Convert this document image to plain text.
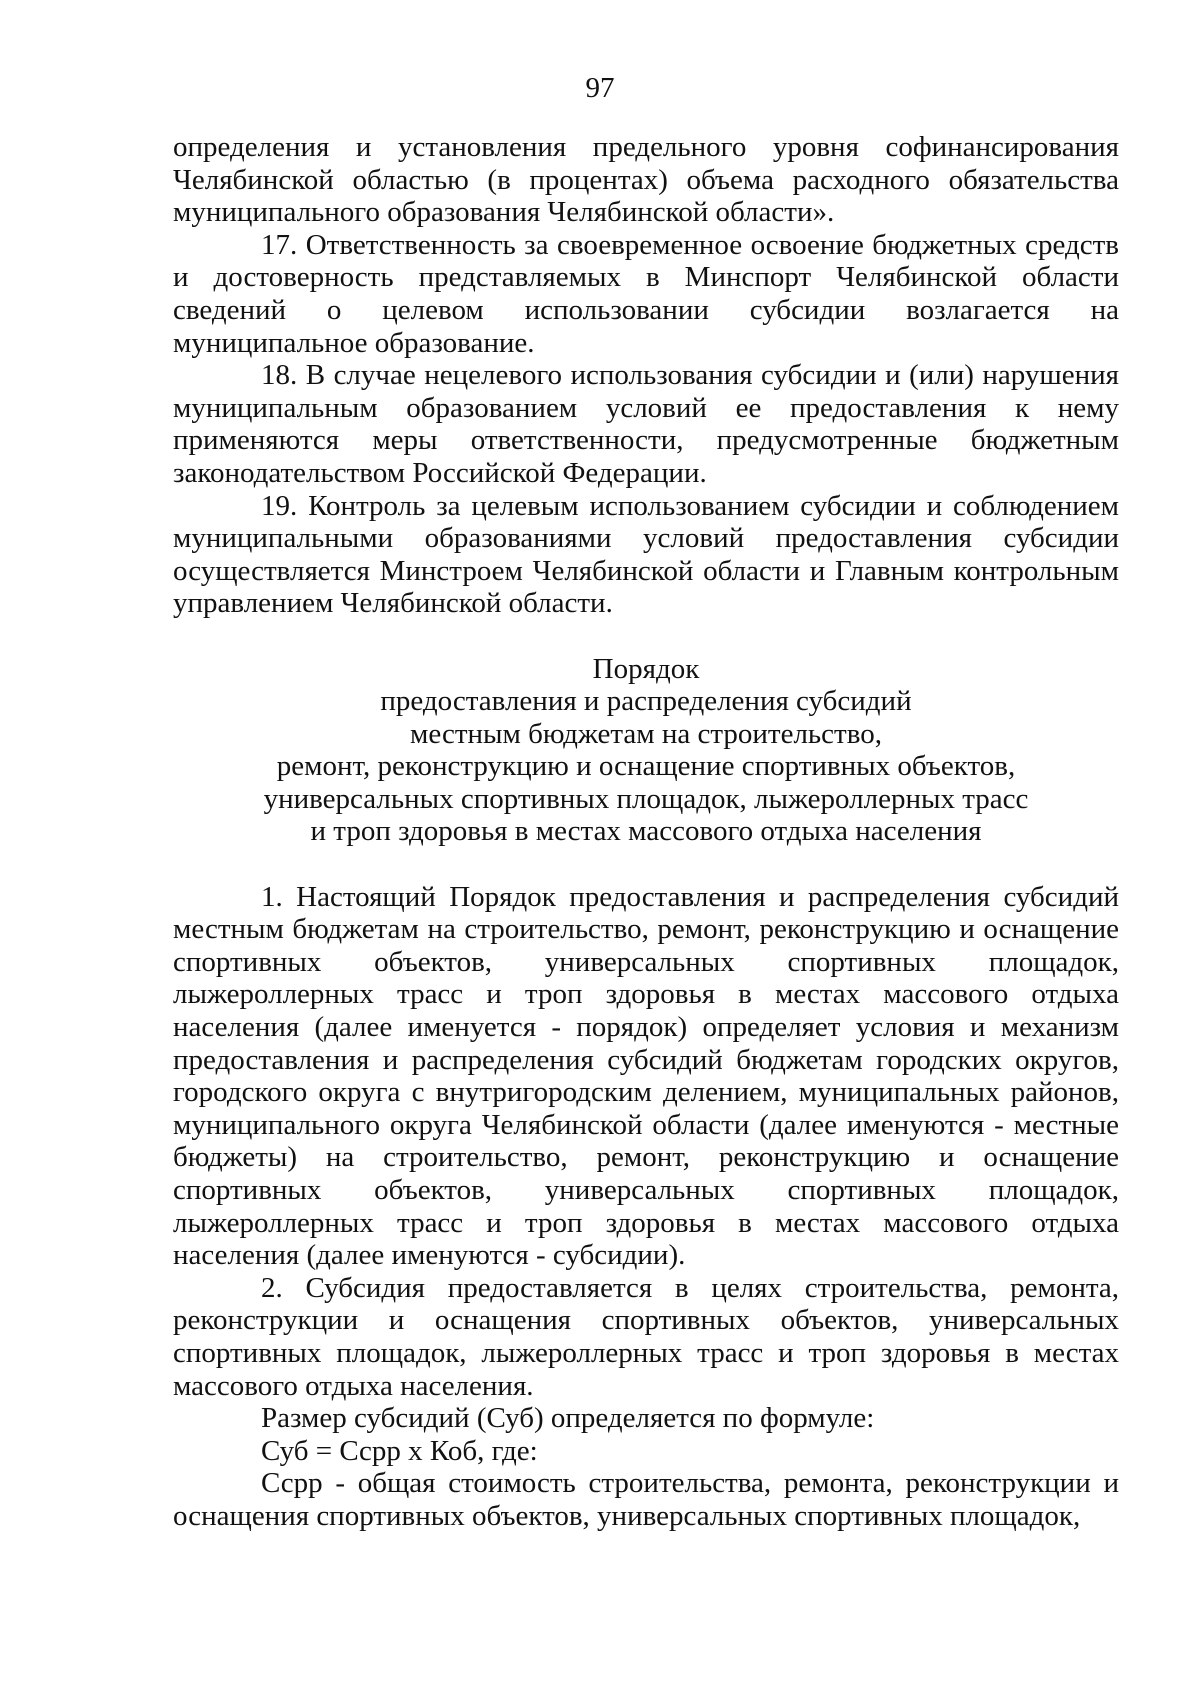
97

определения и установления предельного уровня софинансирования Челябинской областью (в процентах) объема расходного обязательства муниципального образования Челябинской области».

17. Ответственность за своевременное освоение бюджетных средств и достоверность представляемых в Минспорт Челябинской области сведений о целевом использовании субсидии возлагается на муниципальное образование.

18. В случае нецелевого использования субсидии и (или) нарушения муниципальным образованием условий ее предоставления к нему применяются меры ответственности, предусмотренные бюджетным законодательством Российской Федерации.

19. Контроль за целевым использованием субсидии и соблюдением муниципальными образованиями условий предоставления субсидии осуществляется Минстроем Челябинской области и Главным контрольным управлением Челябинской области.

Порядок
предоставления и распределения субсидий
местным бюджетам на строительство,
ремонт, реконструкцию и оснащение спортивных объектов,
универсальных спортивных площадок, лыжероллерных трасс
и троп здоровья в местах массового отдыха населения

1. Настоящий Порядок предоставления и распределения субсидий местным бюджетам на строительство, ремонт, реконструкцию и оснащение спортивных объектов, универсальных спортивных площадок, лыжероллерных трасс и троп здоровья в местах массового отдыха населения (далее именуется - порядок) определяет условия и механизм предоставления и распределения субсидий бюджетам городских округов, городского округа с внутригородским делением, муниципальных районов, муниципального округа Челябинской области (далее именуются - местные бюджеты) на строительство, ремонт, реконструкцию и оснащение спортивных объектов, универсальных спортивных площадок, лыжероллерных трасс и троп здоровья в местах массового отдыха населения (далее именуются - субсидии).

2. Субсидия предоставляется в целях строительства, ремонта, реконструкции и оснащения спортивных объектов, универсальных спортивных площадок, лыжероллерных трасс и троп здоровья в местах массового отдыха населения.

Размер субсидий (Суб) определяется по формуле:

Суб = Ссрр x Коб, где:

Ссрр - общая стоимость строительства, ремонта, реконструкции и оснащения спортивных объектов, универсальных спортивных площадок,
